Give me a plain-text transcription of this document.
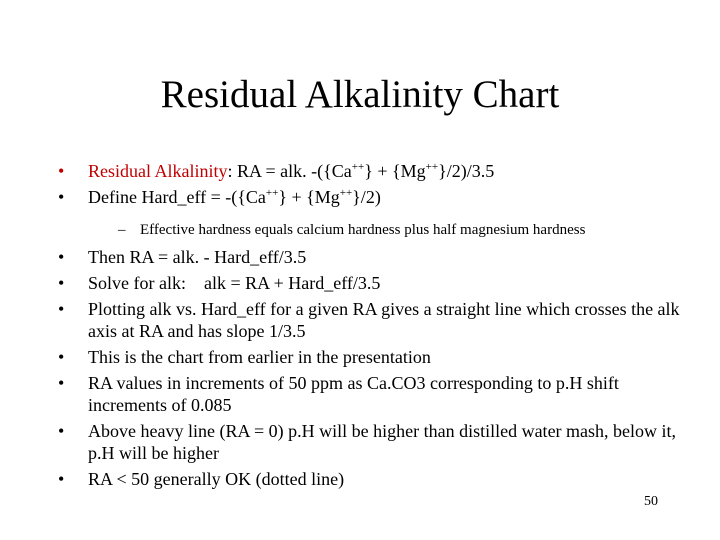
Residual Alkalinity Chart
•	Residual Alkalinity: RA = alk. -({Ca++} + {Mg++}/2)/3.5
•	Define Hard_eff = -({Ca++} + {Mg++}/2)
– Effective hardness equals calcium hardness plus half magnesium hardness
•	Then RA = alk. - Hard_eff/3.5
•	Solve for alk:    alk = RA + Hard_eff/3.5
•	Plotting alk vs. Hard_eff for a given RA gives a straight line which crosses the alk axis at RA and has slope 1/3.5
•	This is the chart from earlier in the presentation
•	RA values in increments of 50 ppm as Ca.CO3 corresponding to p.H shift increments of 0.085
•	Above heavy line (RA = 0) p.H will be higher than distilled water mash, below it, p.H will be higher
•	RA < 50 generally OK (dotted line)
50
